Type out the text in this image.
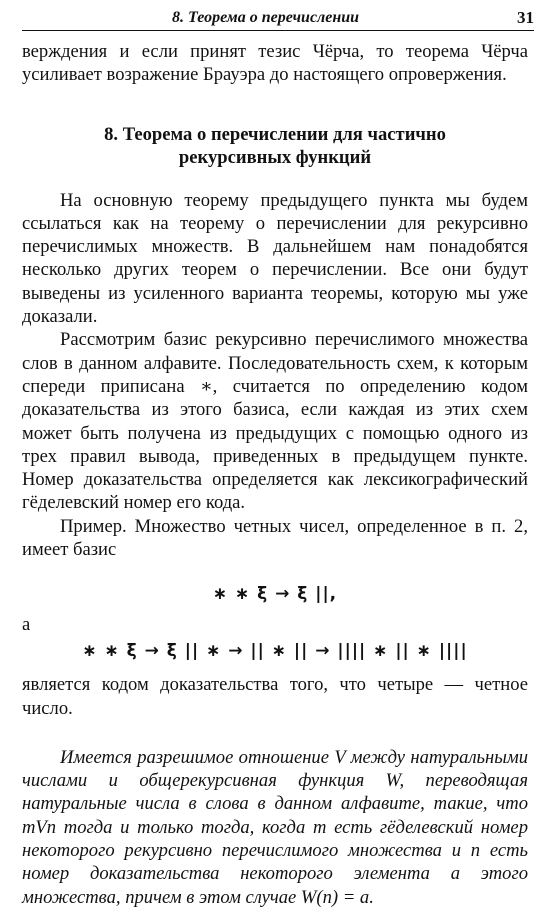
8. Теорема о перечислении	31

верждения и если принят тезис Чёрча, то теорема Чёрча усиливает возражение Брауэра до настоящего опровержения.

8. Теорема о перечислении для частично
рекурсивных функций

На основную теорему предыдущего пункта мы будем ссылаться как на теорему о перечислении для рекурсивно перечислимых множеств. В дальнейшем нам понадобятся несколько других теорем о перечислении. Все они будут выведены из усиленного варианта теоремы, которую мы уже доказали.

Рассмотрим базис рекурсивно перечислимого множества слов в данном алфавите. Последовательность схем, к которым спереди приписана ∗, считается по определению кодом доказательства из этого базиса, если каждая из этих схем может быть получена из предыдущих с помощью одного из трех правил вывода, приведенных в предыдущем пункте. Номер доказательства определяется как лексикографический гёделевский номер его кода.

Пример. Множество четных чисел, определенное в п. 2, имеет базис

∗ ∗ ξ → ξ ||,

а

∗ ∗ ξ → ξ || ∗ → || ∗ || → |||| ∗ || ∗ ||||

является кодом доказательства того, что четыре — четное число.

Имеется разрешимое отношение V между натуральными числами и общерекурсивная функция W, переводящая натуральные числа в слова в данном алфавите, такие, что mVn тогда и только тогда, когда m есть гёделевский номер некоторого рекурсивно перечислимого множества и n есть номер доказательства некоторого элемента a этого множества, причем в этом случае W(n) = a.
